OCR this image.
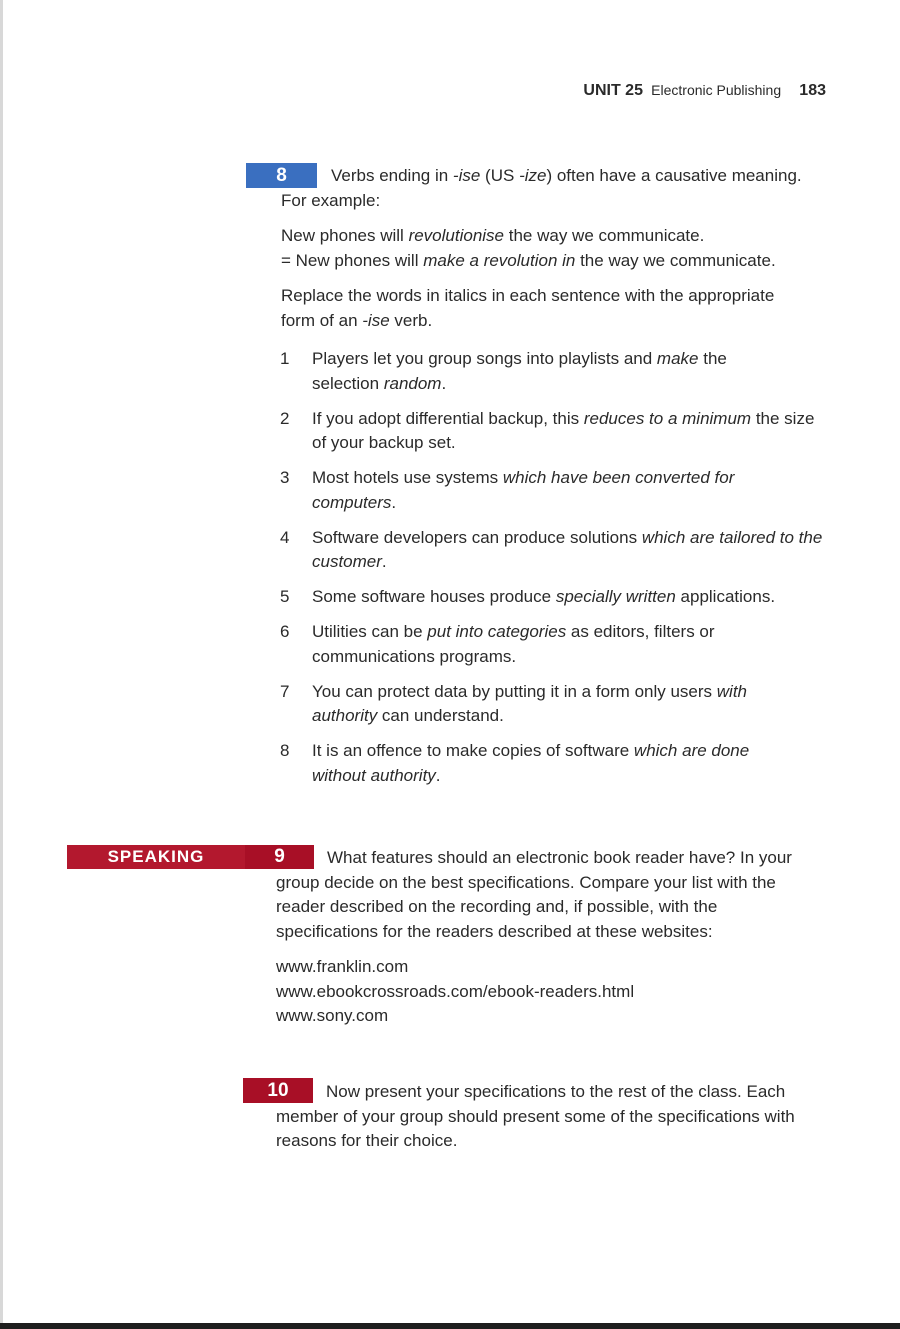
UNIT 25 Electronic Publishing 183
8	Verbs ending in -ise (US -ize) often have a causative meaning.
For example:

New phones will revolutionise the way we communicate.
= New phones will make a revolution in the way we communicate.

Replace the words in italics in each sentence with the appropriate form of an -ise verb.

1	Players let you group songs into playlists and make the selection random.
2	If you adopt differential backup, this reduces to a minimum the size of your backup set.
3	Most hotels use systems which have been converted for computers.
4	Software developers can produce solutions which are tailored to the customer.
5	Some software houses produce specially written applications.
6	Utilities can be put into categories as editors, filters or communications programs.
7	You can protect data by putting it in a form only users with authority can understand.
8	It is an offence to make copies of software which are done without authority.
SPEAKING	9	What features should an electronic book reader have? In your group decide on the best specifications. Compare your list with the reader described on the recording and, if possible, with the specifications for the readers described at these websites:

www.franklin.com
www.ebookcrossroads.com/ebook-readers.html
www.sony.com

10	Now present your specifications to the rest of the class. Each member of your group should present some of the specifications with reasons for their choice.
